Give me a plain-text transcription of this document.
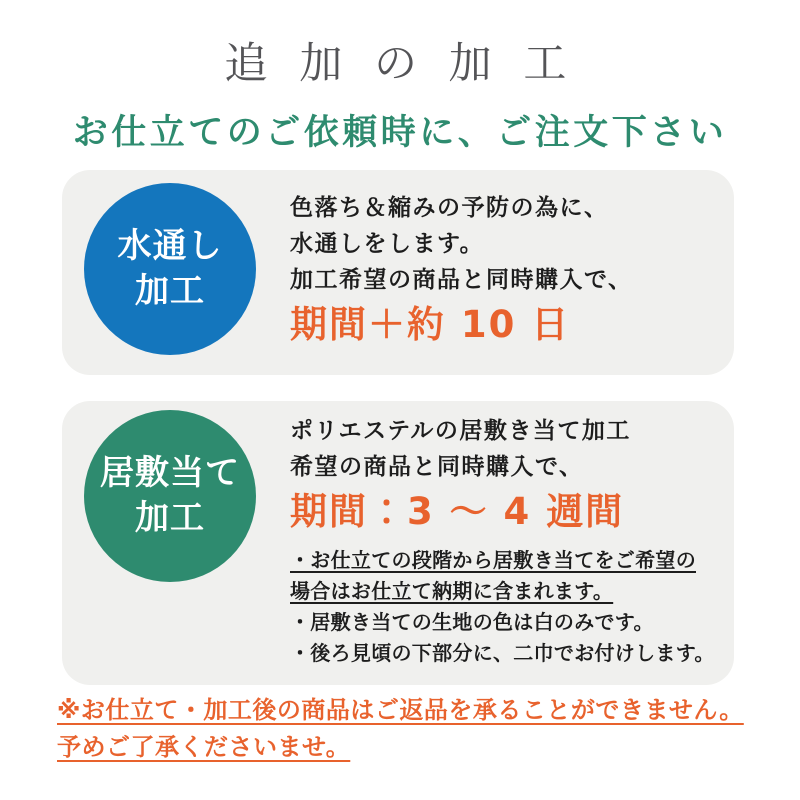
追 加 の 加 工
お仕立てのご依頼時に、ご注文下さい
水通し
加工
色落ち＆縮みの予防の為に、
水通しをします。
加工希望の商品と同時購入で、
期間＋約 10 日
居敷当て
加工
ポリエステルの居敷き当て加工
希望の商品と同時購入で、
期間：3 〜 4 週間
・お仕立ての段階から居敷き当てをご希望の
場合はお仕立て納期に含まれます。
・居敷き当ての生地の色は白のみです。
・後ろ見頃の下部分に、二巾でお付けします。
※お仕立て・加工後の商品はご返品を承ることができません。
予めご了承くださいませ。
